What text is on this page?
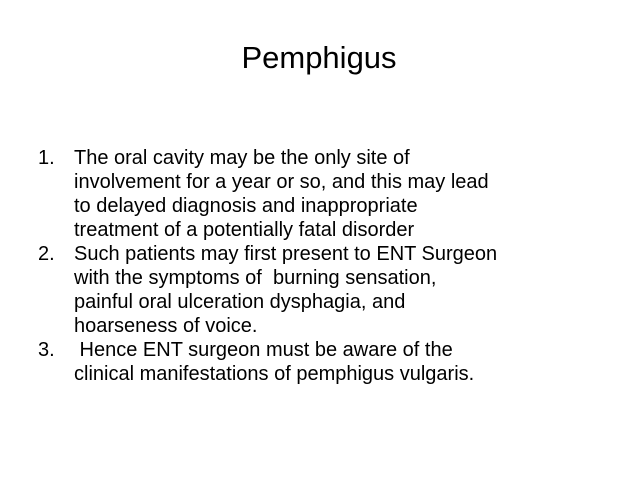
Pemphigus
1. The oral cavity may be the only site of
involvement for a year or so, and this may lead
to delayed diagnosis and inappropriate
treatment of a potentially fatal disorder
2. Such patients may first present to ENT Surgeon
with the symptoms of  burning sensation,
painful oral ulceration dysphagia, and
hoarseness of voice.
3. Hence ENT surgeon must be aware of the
clinical manifestations of pemphigus vulgaris.
